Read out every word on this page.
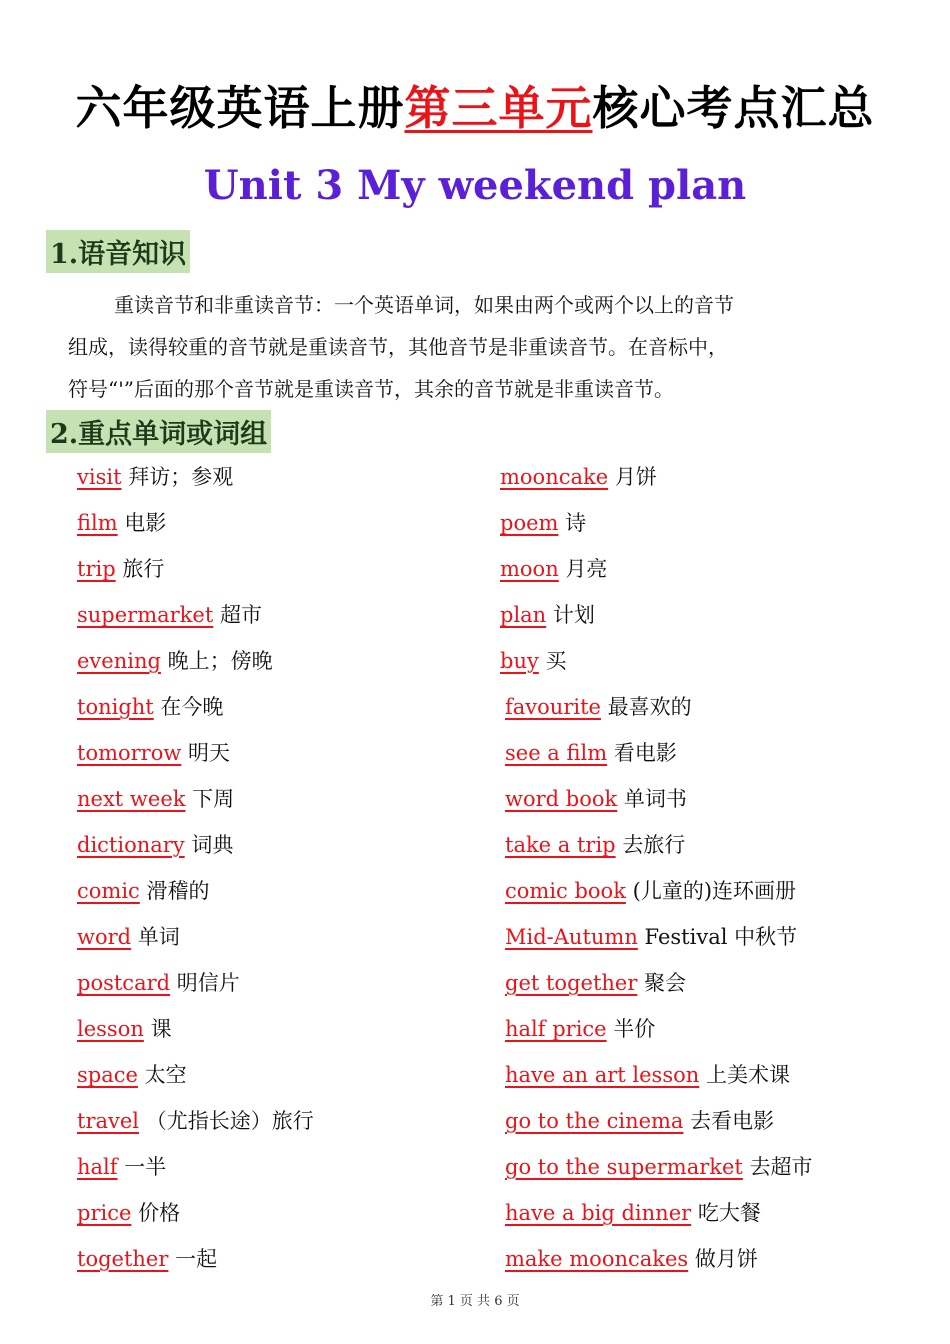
六年级英语上册第三单元核心考点汇总
Unit 3 My weekend plan
1.语音知识
重读音节和非重读音节：一个英语单词，如果由两个或两个以上的音节
组成，读得较重的音节就是重读音节，其他音节是非重读音节。在音标中，
符号“'”后面的那个音节就是重读音节，其余的音节就是非重读音节。
2.重点单词或词组
visit 拜访；参观
film 电影
trip 旅行
supermarket 超市
evening 晚上；傍晚
tonight 在今晚
tomorrow 明天
next week 下周
dictionary 词典
comic 滑稽的
word 单词
postcard 明信片
lesson 课
space 太空
travel （尤指长途）旅行
half 一半
price 价格
together 一起
mooncake 月饼
poem 诗
moon 月亮
plan 计划
buy 买
favourite 最喜欢的
see a film 看电影
word book 单词书
take a trip 去旅行
comic book (儿童的)连环画册
Mid-Autumn Festival 中秋节
get together 聚会
half price 半价
have an art lesson 上美术课
go to the cinema 去看电影
go to the supermarket 去超市
have a big dinner 吃大餐
make mooncakes 做月饼
第 1 页 共 6 页
